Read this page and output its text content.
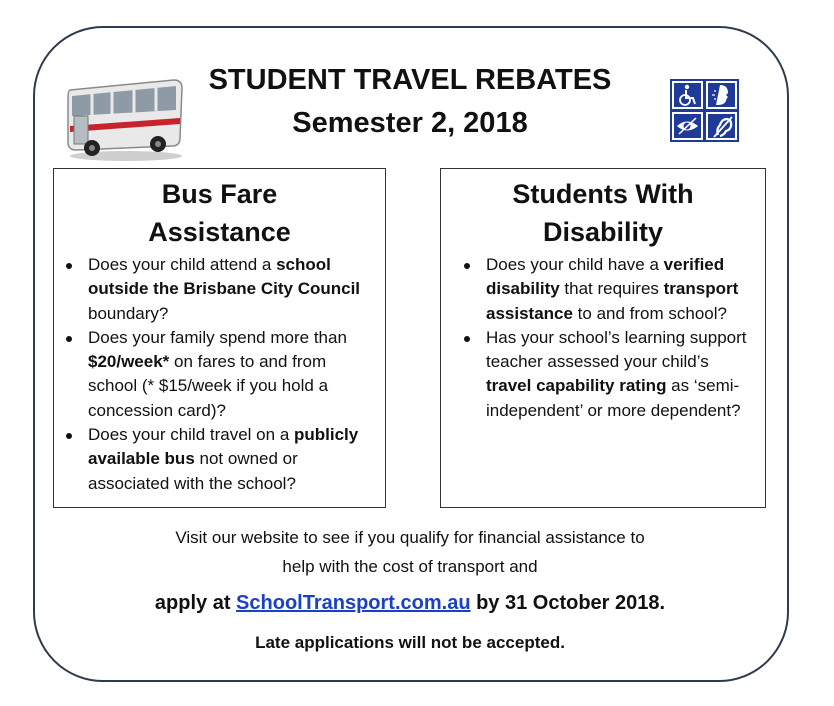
STUDENT TRAVEL REBATES

Semester 2, 2018

Bus Fare
Assistance
Does your child attend a school outside the Brisbane City Council boundary?
Does your family spend more than $20/week* on fares to and from school (* $15/week if you hold a concession card)?
Does your child travel on a publicly available bus not owned or associated with the school?
Students With
Disability
Does your child have a verified disability that requires transport assistance to and from school?
Has your school’s learning support teacher assessed your child’s travel capability rating as ‘semi-independent’ or more dependent?

Visit our website to see if you qualify for financial assistance to
help with the cost of transport and

apply at SchoolTransport.com.au by 31 October 2018.

Late applications will not be accepted.
